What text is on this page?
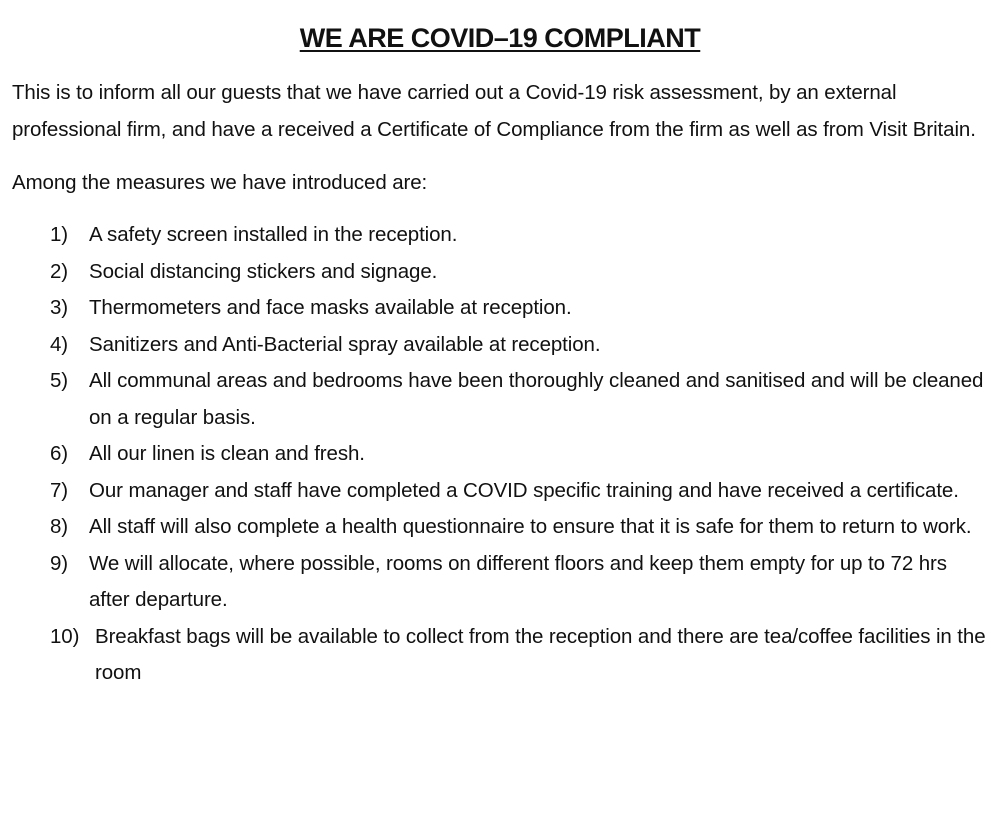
WE ARE COVID–19 COMPLIANT

This is to inform all our guests that we have carried out a Covid-19 risk assessment, by an external professional firm, and have a received a Certificate of Compliance from the firm as well as from Visit Britain.

Among the measures we have introduced are:

1) A safety screen installed in the reception.
2) Social distancing stickers and signage.
3) Thermometers and face masks available at reception.
4) Sanitizers and Anti-Bacterial spray available at reception.
5) All communal areas and bedrooms have been thoroughly cleaned and sanitised and will be cleaned on a regular basis.
6) All our linen is clean and fresh.
7) Our manager and staff have completed a COVID specific training and have received a certificate.
8) All staff will also complete a health questionnaire to ensure that it is safe for them to return to work.
9) We will allocate, where possible, rooms on different floors and keep them empty for up to 72 hrs after departure.
10) Breakfast bags will be available to collect from the reception and there are tea/coffee facilities in the room
